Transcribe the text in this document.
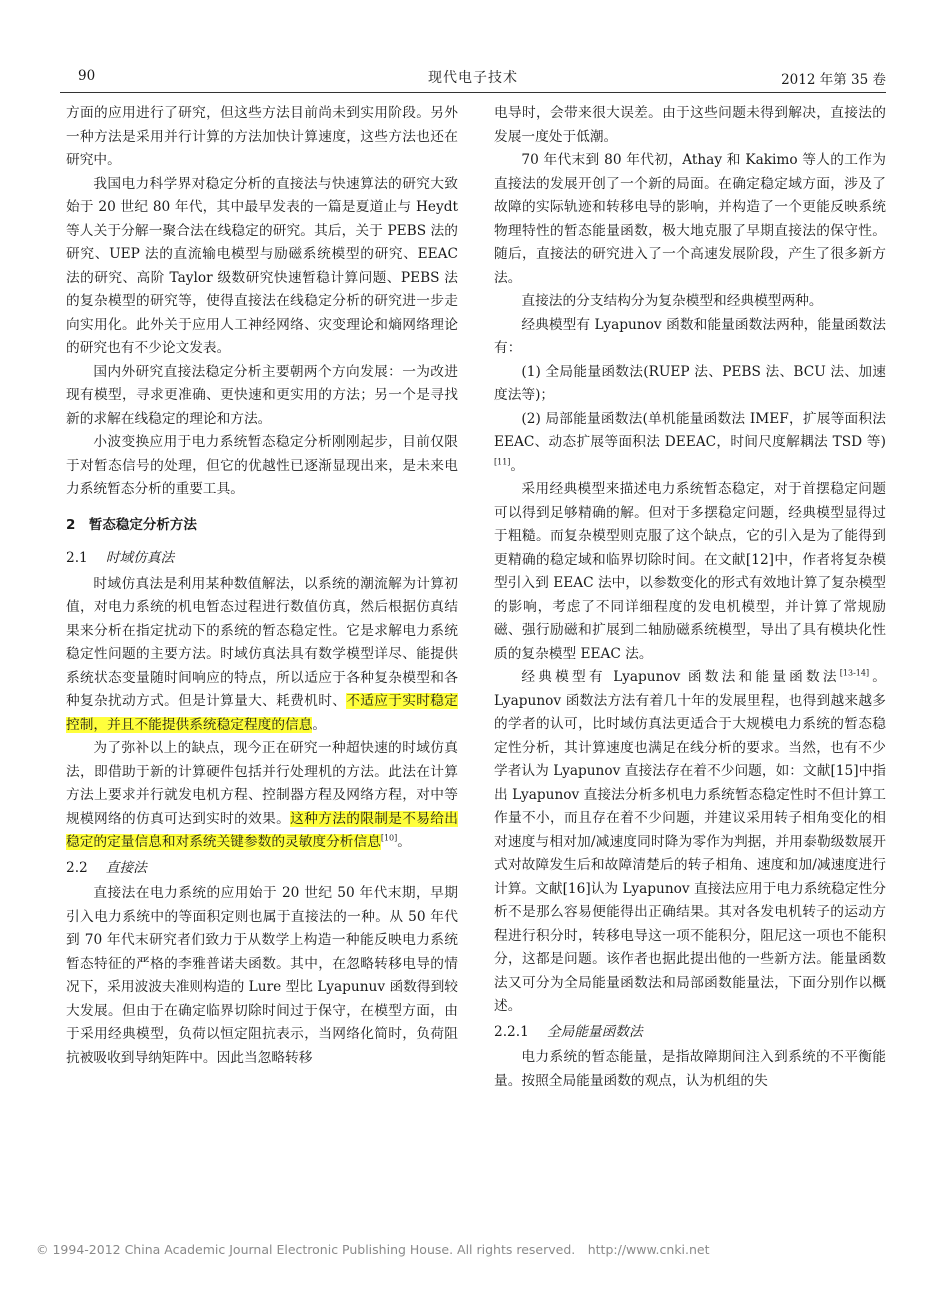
90	现代电子技术	2012 年第 35 卷

方面的应用进行了研究，但这些方法目前尚未到实用阶段。另外一种方法是采用并行计算的方法加快计算速度，这些方法也还在研究中。

我国电力科学界对稳定分析的直接法与快速算法的研究大致始于 20 世纪 80 年代，其中最早发表的一篇是夏道止与 Heydt 等人关于分解一聚合法在线稳定的研究。其后，关于 PEBS 法的研究、UEP 法的直流输电模型与励磁系统模型的研究、EEAC 法的研究、高阶 Taylor 级数研究快速暂稳计算问题、PEBS 法的复杂模型的研究等，使得直接法在线稳定分析的研究进一步走向实用化。此外关于应用人工神经网络、灾变理论和熵网络理论的研究也有不少论文发表。

国内外研究直接法稳定分析主要朝两个方向发展：一为改进现有模型，寻求更准确、更快速和更实用的方法；另一个是寻找新的求解在线稳定的理论和方法。

小波变换应用于电力系统暂态稳定分析刚刚起步，目前仅限于对暂态信号的处理，但它的优越性已逐渐显现出来，是未来电力系统暂态分析的重要工具。

2　暂态稳定分析方法
2.1 时域仿真法

时域仿真法是利用某种数值解法，以系统的潮流解为计算初值，对电力系统的机电暂态过程进行数值仿真，然后根据仿真结果来分析在指定扰动下的系统的暂态稳定性。它是求解电力系统稳定性问题的主要方法。时域仿真法具有数学模型详尽、能提供系统状态变量随时间响应的特点，所以适应于各种复杂模型和各种复杂扰动方式。但是计算量大、耗费机时、不适应于实时稳定控制，并且不能提供系统稳定程度的信息。

为了弥补以上的缺点，现今正在研究一种超快速的时域仿真法，即借助于新的计算硬件包括并行处理机的方法。此法在计算方法上要求并行就发电机方程、控制器方程及网络方程，对中等规模网络的仿真可达到实时的效果。这种方法的限制是不易给出稳定的定量信息和对系统关键参数的灵敏度分析信息[10]。

2.2 直接法

直接法在电力系统的应用始于 20 世纪 50 年代末期，早期引入电力系统中的等面积定则也属于直接法的一种。从 50 年代到 70 年代末研究者们致力于从数学上构造一种能反映电力系统暂态特征的严格的李雅普诺夫函数。其中，在忽略转移电导的情况下，采用波波夫准则构造的 Lure 型比 Lyapunuv 函数得到较大发展。但由于在确定临界切除时间过于保守，在模型方面，由于采用经典模型，负荷以恒定阻抗表示，当网络化简时，负荷阻抗被吸收到导纳矩阵中。因此当忽略转移

电导时，会带来很大误差。由于这些问题未得到解决，直接法的发展一度处于低潮。

70 年代末到 80 年代初，Athay 和 Kakimo 等人的工作为直接法的发展开创了一个新的局面。在确定稳定域方面，涉及了故障的实际轨迹和转移电导的影响，并构造了一个更能反映系统物理特性的暂态能量函数，极大地克服了早期直接法的保守性。随后，直接法的研究进入了一个高速发展阶段，产生了很多新方法。

直接法的分支结构分为复杂模型和经典模型两种。

经典模型有 Lyapunov 函数和能量函数法两种，能量函数法有：

(1) 全局能量函数法(RUEP 法、PEBS 法、BCU 法、加速度法等)；

(2) 局部能量函数法(单机能量函数法 IMEF，扩展等面积法 EEAC、动态扩展等面积法 DEEAC，时间尺度解耦法 TSD 等)[11]。

采用经典模型来描述电力系统暂态稳定，对于首摆稳定问题可以得到足够精确的解。但对于多摆稳定问题，经典模型显得过于粗糙。而复杂模型则克服了这个缺点，它的引入是为了能得到更精确的稳定域和临界切除时间。在文献[12]中，作者将复杂模型引入到 EEAC 法中，以参数变化的形式有效地计算了复杂模型的影响，考虑了不同详细程度的发电机模型，并计算了常规励磁、强行励磁和扩展到二轴励磁系统模型，导出了具有模块化性质的复杂模型 EEAC 法。

经典模型有 Lyapunov 函数法和能量函数法[13-14]。Lyapunov 函数法方法有着几十年的发展里程，也得到越来越多的学者的认可，比时域仿真法更适合于大规模电力系统的暂态稳定性分析，其计算速度也满足在线分析的要求。当然，也有不少学者认为 Lyapunov 直接法存在着不少问题，如：文献[15]中指出 Lyapunov 直接法分析多机电力系统暂态稳定性时不但计算工作量不小，而且存在着不少问题，并建议采用转子相角变化的相对速度与相对加/减速度同时降为零作为判据，并用泰勒级数展开式对故障发生后和故障清楚后的转子相角、速度和加/减速度进行计算。文献[16]认为 Lyapunov 直接法应用于电力系统稳定性分析不是那么容易便能得出正确结果。其对各发电机转子的运动方程进行积分时，转移电导这一项不能积分，阻尼这一项也不能积分，这都是问题。该作者也据此提出他的一些新方法。能量函数法又可分为全局能量函数法和局部函数能量法，下面分别作以概述。

2.2.1 全局能量函数法

电力系统的暂态能量，是指故障期间注入到系统的不平衡能量。按照全局能量函数的观点，认为机组的失

© 1994-2012 China Academic Journal Electronic Publishing House. All rights reserved.　http://www.cnki.net
